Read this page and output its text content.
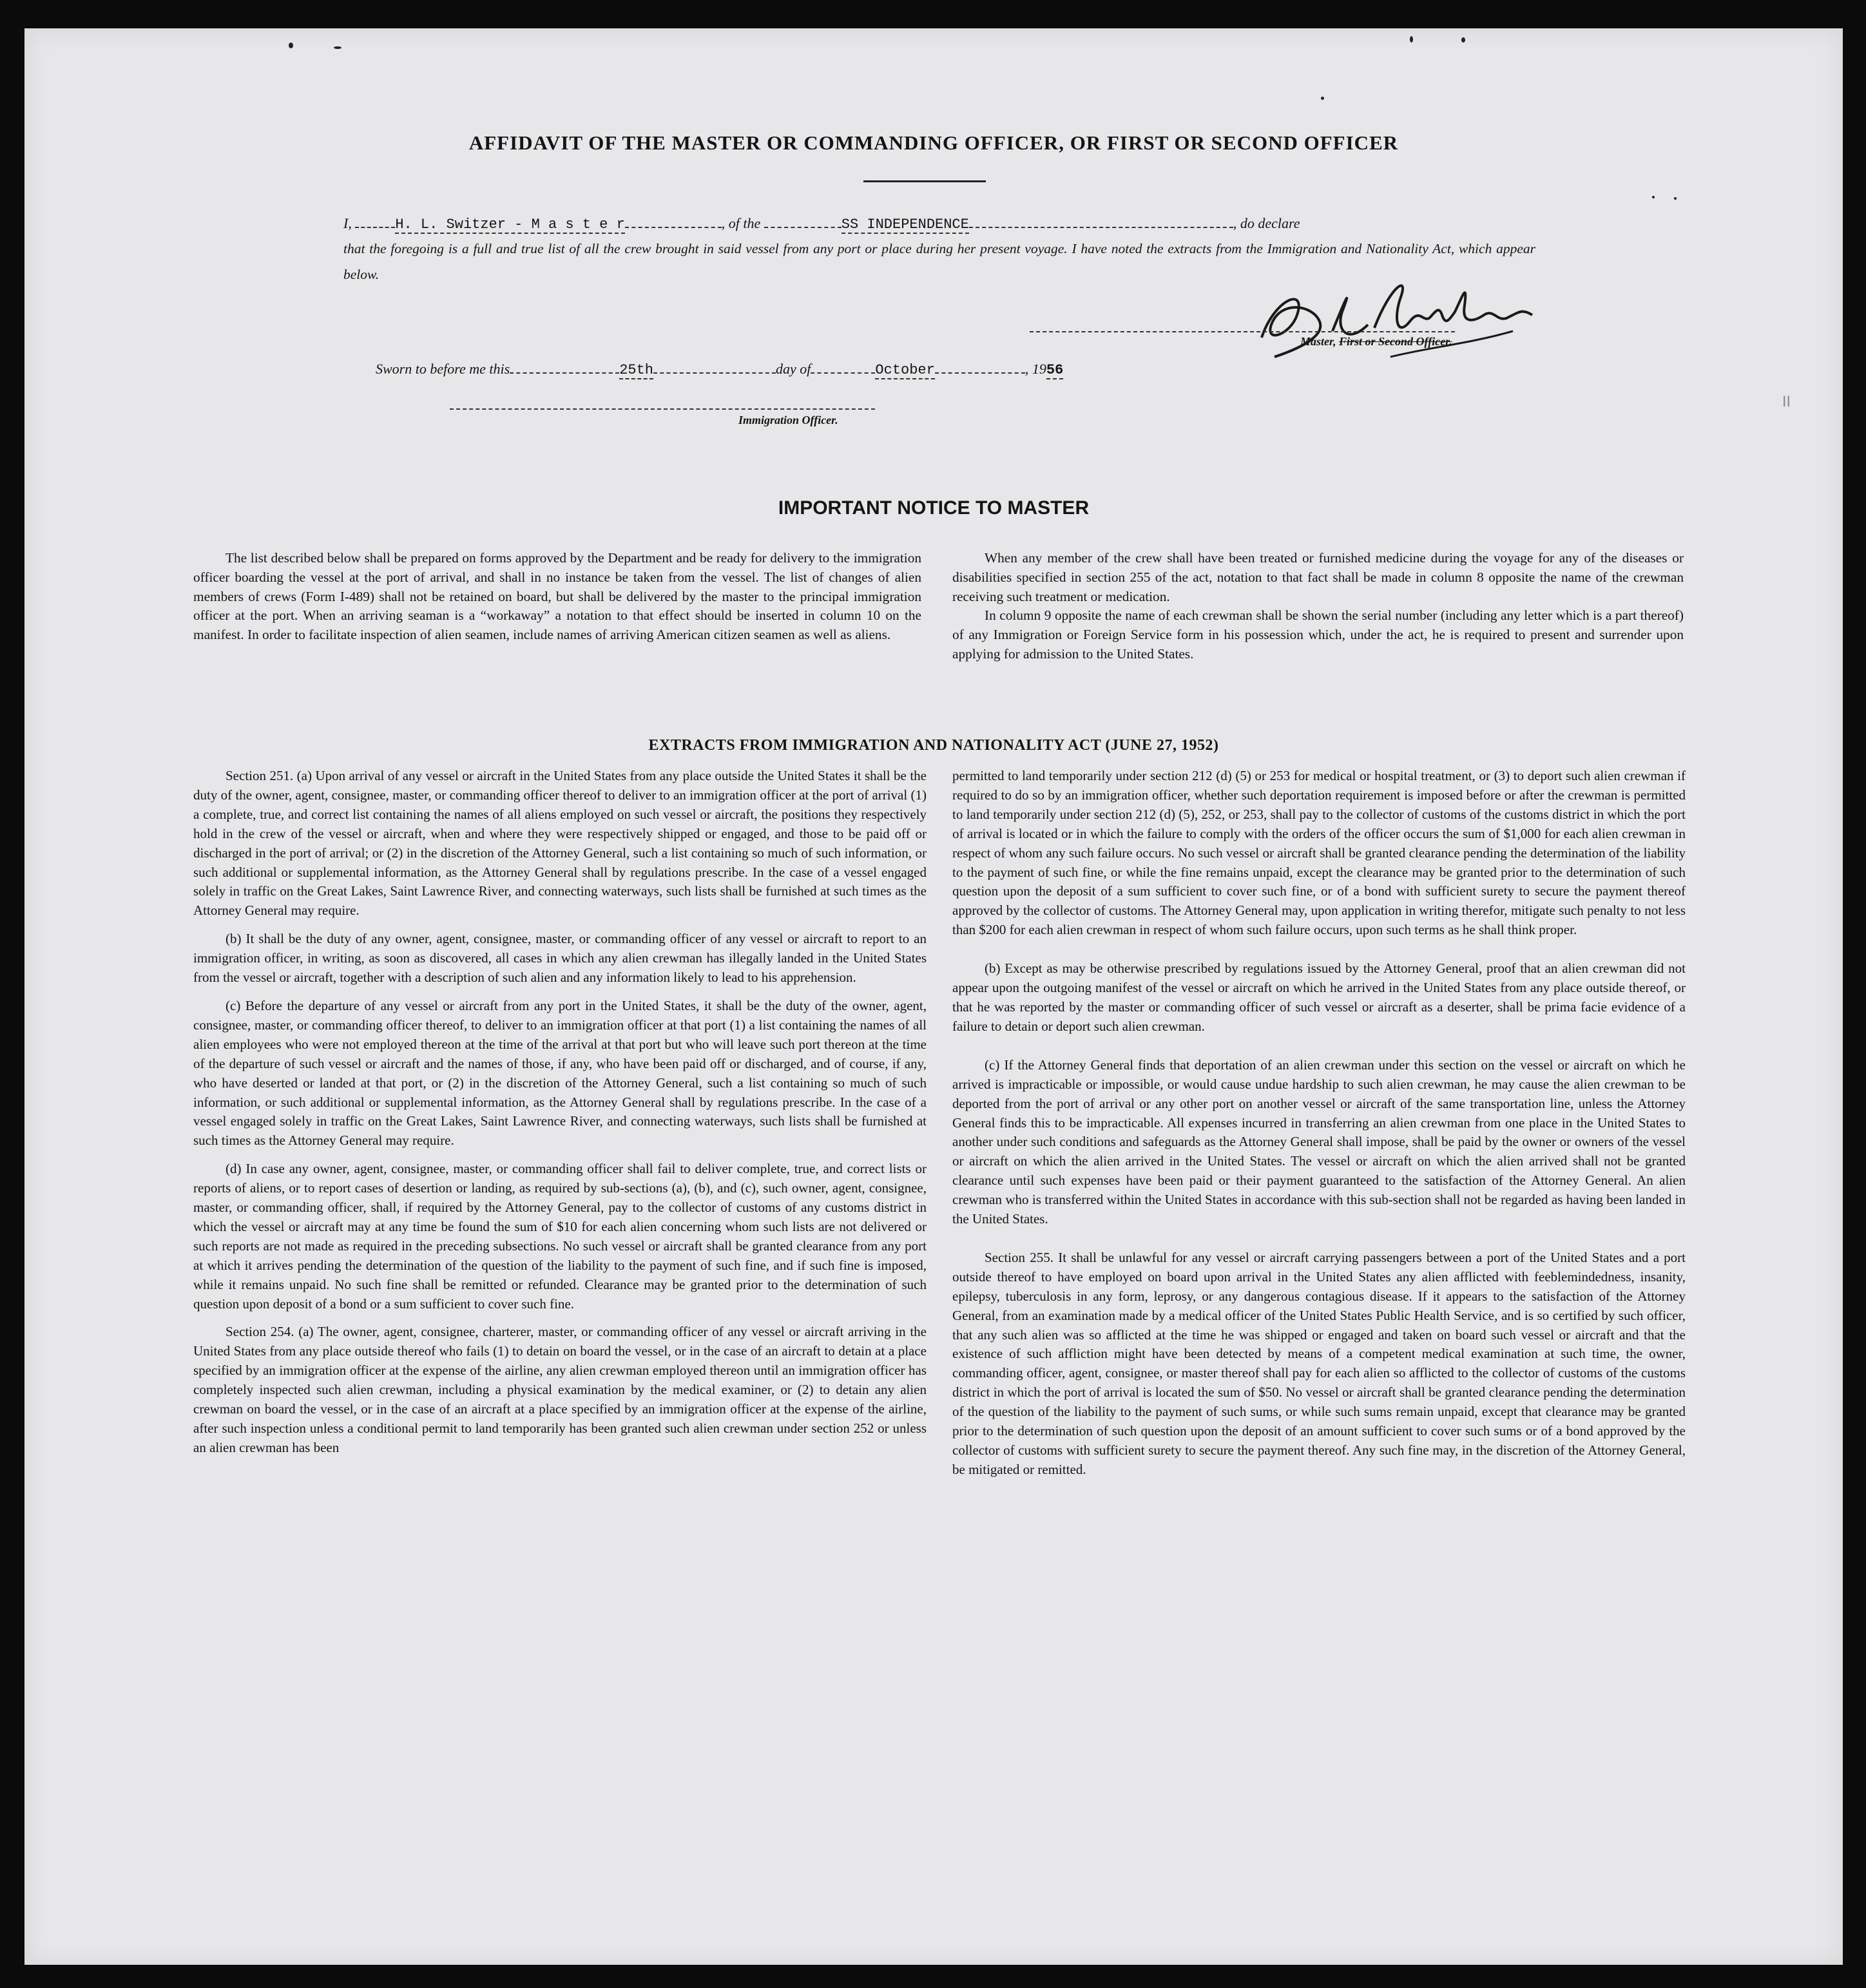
II
AFFIDAVIT OF THE MASTER OR COMMANDING OFFICER, OR FIRST OR SECOND OFFICER
I,	H. L. Switzer - M a s t e r	, of the	SS INDEPENDENCE	, do declare
that the foregoing is a full and true list of all the crew brought in said vessel from any port or place during her present voyage. I have noted the extracts from the Immigration and Nationality Act, which appear below.
Master, First or Second Officer.
Sworn to before me this	25th	day of	October	, 1956
Immigration Officer.
IMPORTANT NOTICE TO MASTER

The list described below shall be prepared on forms approved by the Department and be ready for delivery to the immigration officer boarding the vessel at the port of arrival, and shall in no instance be taken from the vessel. The list of changes of alien members of crews (Form I-489) shall not be retained on board, but shall be delivered by the master to the principal immigration officer at the port. When an arriving seaman is a “workaway” a notation to that effect should be inserted in column 10 on the manifest. In order to facilitate inspection of alien seamen, include names of arriving American citizen seamen as well as aliens.

When any member of the crew shall have been treated or furnished medicine during the voyage for any of the diseases or disabilities specified in section 255 of the act, notation to that fact shall be made in column 8 opposite the name of the crewman receiving such treatment or medication.

In column 9 opposite the name of each crewman shall be shown the serial number (including any letter which is a part thereof) of any Immigration or Foreign Service form in his possession which, under the act, he is required to present and surrender upon applying for admission to the United States.

EXTRACTS FROM IMMIGRATION AND NATIONALITY ACT (JUNE 27, 1952)

Section 251. (a) Upon arrival of any vessel or aircraft in the United States from any place outside the United States it shall be the duty of the owner, agent, consignee, master, or commanding officer thereof to deliver to an immigration officer at the port of arrival (1) a complete, true, and correct list containing the names of all aliens employed on such vessel or aircraft, the positions they respectively hold in the crew of the vessel or aircraft, when and where they were respectively shipped or engaged, and those to be paid off or discharged in the port of arrival; or (2) in the discretion of the Attorney General, such a list containing so much of such information, or such additional or supplemental information, as the Attorney General shall by regulations prescribe. In the case of a vessel engaged solely in traffic on the Great Lakes, Saint Lawrence River, and connecting waterways, such lists shall be furnished at such times as the Attorney General may require.

(b) It shall be the duty of any owner, agent, consignee, master, or commanding officer of any vessel or aircraft to report to an immigration officer, in writing, as soon as discovered, all cases in which any alien crewman has illegally landed in the United States from the vessel or aircraft, together with a description of such alien and any information likely to lead to his apprehension.

(c) Before the departure of any vessel or aircraft from any port in the United States, it shall be the duty of the owner, agent, consignee, master, or commanding officer thereof, to deliver to an immigration officer at that port (1) a list containing the names of all alien employees who were not employed thereon at the time of the arrival at that port but who will leave such port thereon at the time of the departure of such vessel or aircraft and the names of those, if any, who have been paid off or discharged, and of course, if any, who have deserted or landed at that port, or (2) in the discretion of the Attorney General, such a list containing so much of such information, or such additional or supplemental information, as the Attorney General shall by regulations prescribe. In the case of a vessel engaged solely in traffic on the Great Lakes, Saint Lawrence River, and connecting waterways, such lists shall be furnished at such times as the Attorney General may require.

(d) In case any owner, agent, consignee, master, or commanding officer shall fail to deliver complete, true, and correct lists or reports of aliens, or to report cases of desertion or landing, as required by sub-sections (a), (b), and (c), such owner, agent, consignee, master, or commanding officer, shall, if required by the Attorney General, pay to the collector of customs of any customs district in which the vessel or aircraft may at any time be found the sum of $10 for each alien concerning whom such lists are not delivered or such reports are not made as required in the preceding subsections. No such vessel or aircraft shall be granted clearance from any port at which it arrives pending the determination of the question of the liability to the payment of such fine, and if such fine is imposed, while it remains unpaid. No such fine shall be remitted or refunded. Clearance may be granted prior to the determination of such question upon deposit of a bond or a sum sufficient to cover such fine.

Section 254. (a) The owner, agent, consignee, charterer, master, or commanding officer of any vessel or aircraft arriving in the United States from any place outside thereof who fails (1) to detain on board the vessel, or in the case of an aircraft to detain at a place specified by an immigration officer at the expense of the airline, any alien crewman employed thereon until an immigration officer has completely inspected such alien crewman, including a physical examination by the medical examiner, or (2) to detain any alien crewman on board the vessel, or in the case of an aircraft at a place specified by an immigration officer at the expense of the airline, after such inspection unless a conditional permit to land temporarily has been granted such alien crewman under section 252 or unless an alien crewman has been

permitted to land temporarily under section 212 (d) (5) or 253 for medical or hospital treatment, or (3) to deport such alien crewman if required to do so by an immigration officer, whether such deportation requirement is imposed before or after the crewman is permitted to land temporarily under section 212 (d) (5), 252, or 253, shall pay to the collector of customs of the customs district in which the port of arrival is located or in which the failure to comply with the orders of the officer occurs the sum of $1,000 for each alien crewman in respect of whom any such failure occurs. No such vessel or aircraft shall be granted clearance pending the determination of the liability to the payment of such fine, or while the fine remains unpaid, except the clearance may be granted prior to the determination of such question upon the deposit of a sum sufficient to cover such fine, or of a bond with sufficient surety to secure the payment thereof approved by the collector of customs. The Attorney General may, upon application in writing therefor, mitigate such penalty to not less than $200 for each alien crewman in respect of whom such failure occurs, upon such terms as he shall think proper.

(b) Except as may be otherwise prescribed by regulations issued by the Attorney General, proof that an alien crewman did not appear upon the outgoing manifest of the vessel or aircraft on which he arrived in the United States from any place outside thereof, or that he was reported by the master or commanding officer of such vessel or aircraft as a deserter, shall be prima facie evidence of a failure to detain or deport such alien crewman.

(c) If the Attorney General finds that deportation of an alien crewman under this section on the vessel or aircraft on which he arrived is impracticable or impossible, or would cause undue hardship to such alien crewman, he may cause the alien crewman to be deported from the port of arrival or any other port on another vessel or aircraft of the same transportation line, unless the Attorney General finds this to be impracticable. All expenses incurred in transferring an alien crewman from one place in the United States to another under such conditions and safeguards as the Attorney General shall impose, shall be paid by the owner or owners of the vessel or aircraft on which the alien arrived in the United States. The vessel or aircraft on which the alien arrived shall not be granted clearance until such expenses have been paid or their payment guaranteed to the satisfaction of the Attorney General. An alien crewman who is transferred within the United States in accordance with this sub-section shall not be regarded as having been landed in the United States.

Section 255. It shall be unlawful for any vessel or aircraft carrying passengers between a port of the United States and a port outside thereof to have employed on board upon arrival in the United States any alien afflicted with feeblemindedness, insanity, epilepsy, tuberculosis in any form, leprosy, or any dangerous contagious disease. If it appears to the satisfaction of the Attorney General, from an examination made by a medical officer of the United States Public Health Service, and is so certified by such officer, that any such alien was so afflicted at the time he was shipped or engaged and taken on board such vessel or aircraft and that the existence of such affliction might have been detected by means of a competent medical examination at such time, the owner, commanding officer, agent, consignee, or master thereof shall pay for each alien so afflicted to the collector of customs of the customs district in which the port of arrival is located the sum of $50. No vessel or aircraft shall be granted clearance pending the determination of the question of the liability to the payment of such sums, or while such sums remain unpaid, except that clearance may be granted prior to the determination of such question upon the deposit of an amount sufficient to cover such sums or of a bond approved by the collector of customs with sufficient surety to secure the payment thereof. Any such fine may, in the discretion of the Attorney General, be mitigated or remitted.
